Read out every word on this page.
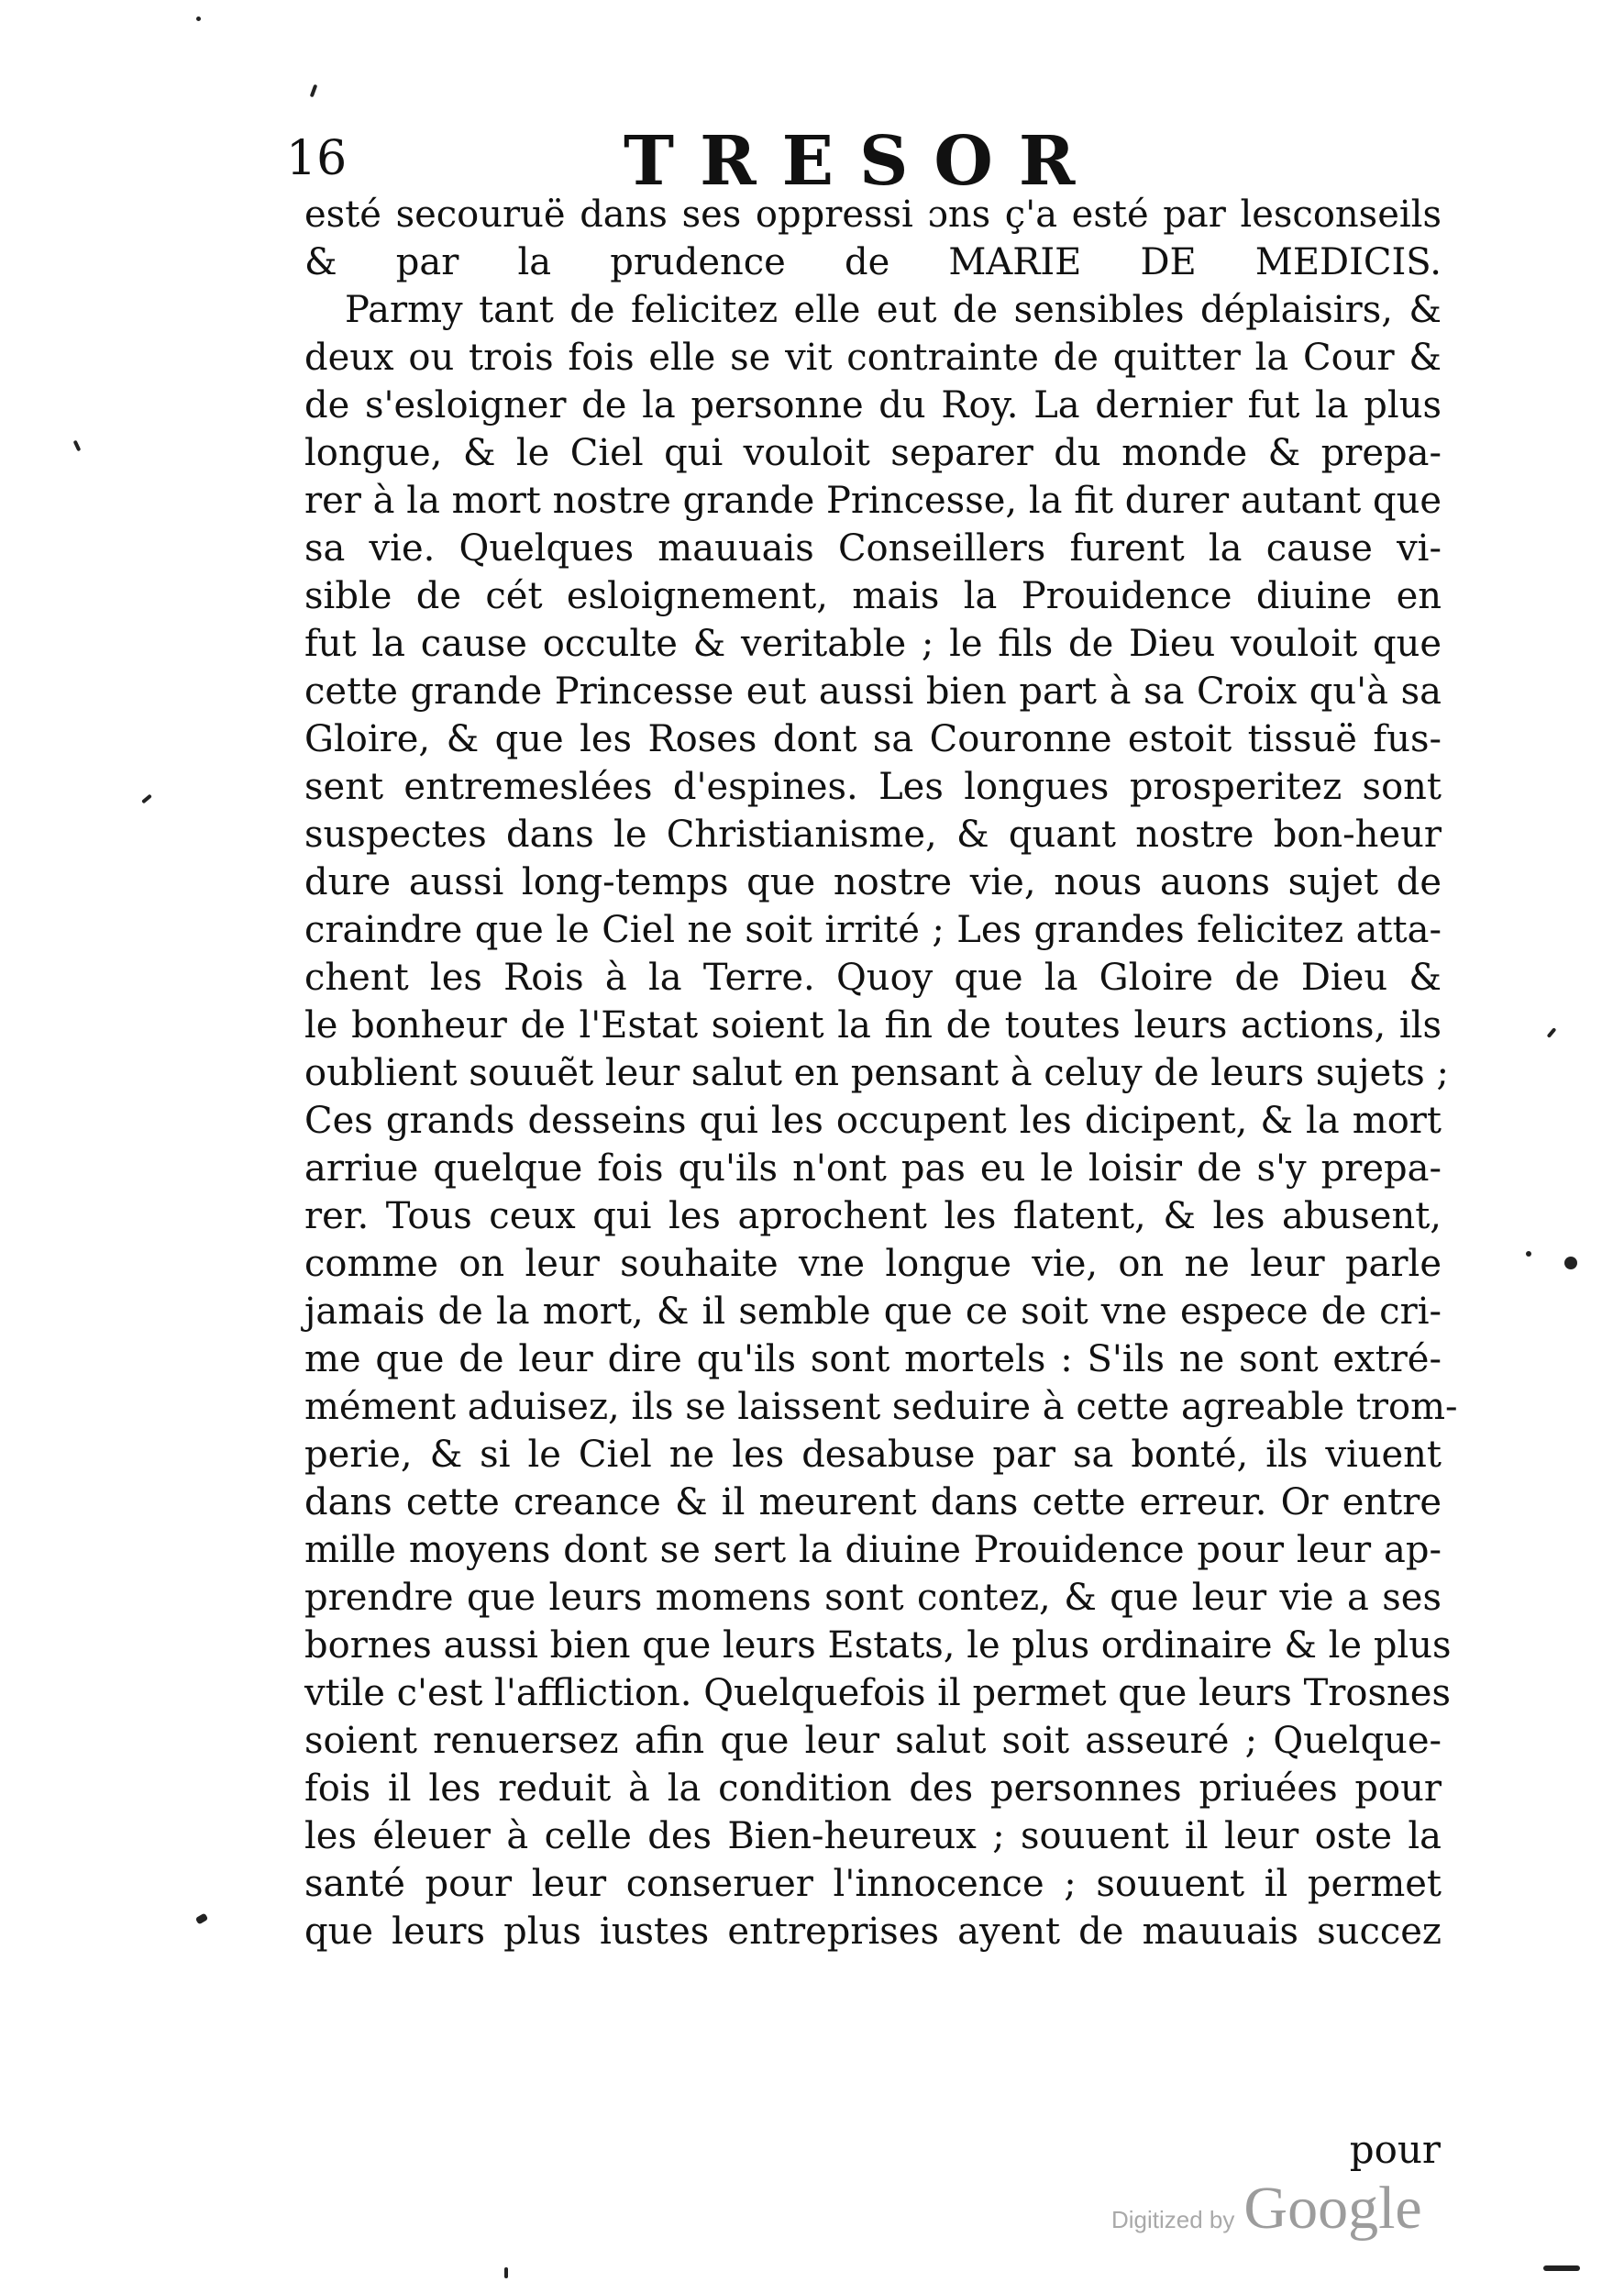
16	TRESOR
esté secouruë dans ses oppressi ɔns ç'a esté par lesconseils
& par la prudence de MARIE DE MEDICIS.
Parmy tant de felicitez elle eut de sensibles déplaisirs, &
deux ou trois fois elle se vit contrainte de quitter la Cour &
de s'esloigner de la personne du Roy. La dernier fut la plus
longue, & le Ciel qui vouloit separer du monde & prepa-
rer à la mort nostre grande Princesse, la fit durer autant que
sa vie. Quelques mauuais Conseillers furent la cause vi-
sible de cét esloignement, mais la Prouidence diuine en
fut la cause occulte & veritable ; le fils de Dieu vouloit que
cette grande Princesse eut aussi bien part à sa Croix qu'à sa
Gloire, & que les Roses dont sa Couronne estoit tissuë fus-
sent entremeslées d'espines. Les longues prosperitez sont
suspectes dans le Christianisme, & quant nostre bon-heur
dure aussi long-temps que nostre vie, nous auons sujet de
craindre que le Ciel ne soit irrité ; Les grandes felicitez atta-
chent les Rois à la Terre. Quoy que la Gloire de Dieu &
le bonheur de l'Estat soient la fin de toutes leurs actions, ils
oublient souuẽt leur salut en pensant à celuy de leurs sujets ;
Ces grands desseins qui les occupent les dicipent, & la mort
arriue quelque fois qu'ils n'ont pas eu le loisir de s'y prepa-
rer. Tous ceux qui les aprochent les flatent, & les abusent,
comme on leur souhaite vne longue vie, on ne leur parle
jamais de la mort, & il semble que ce soit vne espece de cri-
me que de leur dire qu'ils sont mortels : S'ils ne sont extré-
mément aduisez, ils se laissent seduire à cette agreable trom-
perie, & si le Ciel ne les desabuse par sa bonté, ils viuent
dans cette creance & il meurent dans cette erreur. Or entre
mille moyens dont se sert la diuine Prouidence pour leur ap-
prendre que leurs momens sont contez, & que leur vie a ses
bornes aussi bien que leurs Estats, le plus ordinaire & le plus
vtile c'est l'affliction. Quelquefois il permet que leurs Trosnes
soient renuersez afin que leur salut soit asseuré ; Quelque-
fois il les reduit à la condition des personnes priuées pour
les éleuer à celle des Bien-heureux ; souuent il leur oste la
santé pour leur conseruer l'innocence ; souuent il permet
que leurs plus iustes entreprises ayent de mauuais succez
pour
Digitized by Google
